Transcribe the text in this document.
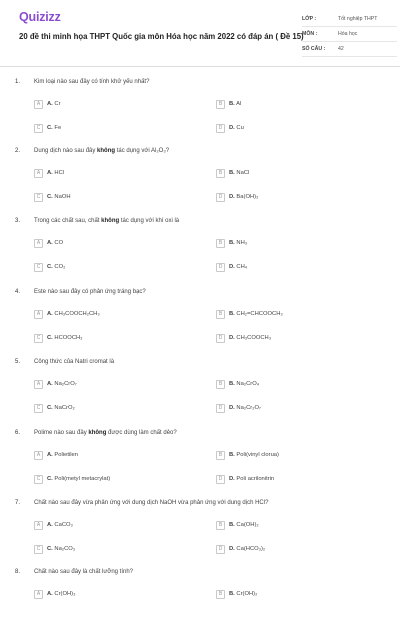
Quizizz
20 đề thi minh họa THPT Quốc gia môn Hóa học năm 2022 có đáp án ( Đề 15)
LỚP :	Tốt nghiệp THPT
MÔN :	Hóa học
SỐ CÂU :	42
1. Kim loại nào sau đây có tính khử yếu nhất?
A	A. Cr	B	B. Al
C	C. Fe	D	D. Cu
2. Dung dịch nào sau đây không tác dụng với Al₂O₃?
A	A. HCl	B	B. NaCl
C	C. NaOH	D	D. Ba(OH)₂
3. Trong các chất sau, chất không tác dụng với khí oxi là
A	A. CO	B	B. NH₃
C	C. CO₂	D	D. CH₄
4. Este nào sau đây có phản ứng tráng bạc?
A	A. CH₃COOCH₂CH₃	B	B. CH₂=CHCOOCH₃
C	C. HCOOCH₃	D	D. CH₃COOCH₃
5. Công thức của Natri cromat là
A	A. Na₂CrO₇	B	B. Na₂CrO₄
C	C. NaCrO₂	D	D. Na₂Cr₂O₇
6. Polime nào sau đây không được dùng làm chất dẻo?
A	A. Polietilen	B	B. Poli(vinyl clorua)
C	C. Poli(metyl metacrylat)	D	D. Poli acrilonitrin
7. Chất nào sau đây vừa phản ứng với dung dịch NaOH vừa phản ứng với dung dịch HCl?
A	A. CaCO₃	B	B. Ca(OH)₂
C	C. Na₂CO₃	D	D. Ca(HCO₃)₂
8. Chất nào sau đây là chất lưỡng tính?
A	A. Cr(OH)₃	B	B. Cr(OH)₂
